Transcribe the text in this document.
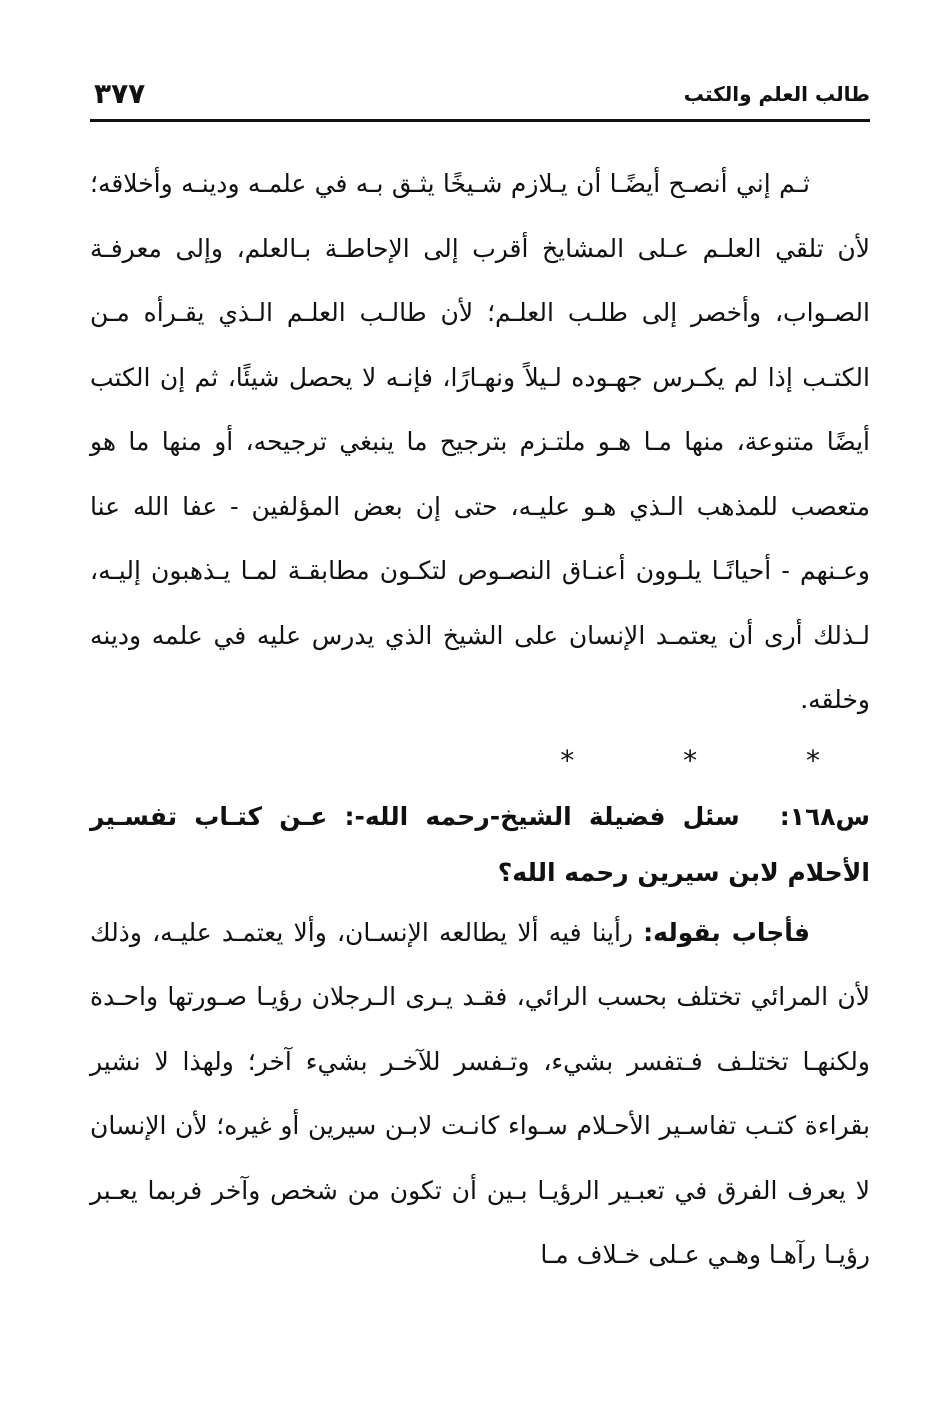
طالب العلم والكتب
٣٧٧

ثـم إني أنصـح أيضًـا أن يـلازم شـيخًا يثـق بـه في علمـه ودينـه وأخلاقه؛ لأن تلقي العلـم عـلى المشايخ أقرب إلى الإحاطـة بـالعلم، وإلى معرفـة الصـواب، وأخصر إلى طلـب العلـم؛ لأن طالـب العلـم الـذي يقـرأه مـن الكتـب إذا لم يكـرس جهـوده لـيلاً ونهـارًا، فإنـه لا يحصل شيئًا، ثم إن الكتب أيضًا متنوعة، منها مـا هـو ملتـزم بترجيح ما ينبغي ترجيحه، أو منها ما هو متعصب للمذهب الـذي هـو عليـه، حتى إن بعض المؤلفين - عفا الله عنا وعـنهم - أحيانًـا يلـوون أعنـاق النصـوص لتكـون مطابقـة لمـا يـذهبون إليـه، لـذلك أرى أن يعتمـد الإنسان على الشيخ الذي يدرس عليه في علمه ودينه وخلقه.

* * *

س١٦٨:سئل فضيلة الشيخ-رحمه الله-: عـن كتـاب تفسـير الأحلام لابن سيرين رحمه الله؟

فأجاب بقوله: رأينا فيه ألا يطالعه الإنسـان، وألا يعتمـد عليـه، وذلك لأن المرائي تختلف بحسب الرائي، فقـد يـرى الـرجلان رؤيـا صـورتها واحـدة ولكنهـا تختلـف فـتفسر بشيء، وتـفسر للآخـر بشيء آخر؛ ولهذا لا نشير بقراءة كتـب تفاسـير الأحـلام سـواء كانـت لابـن سيرين أو غيره؛ لأن الإنسان لا يعرف الفرق في تعبـير الرؤيـا بـين أن تكون من شخص وآخر فربما يعـبر رؤيـا رآهـا وهـي عـلى خـلاف مـا
